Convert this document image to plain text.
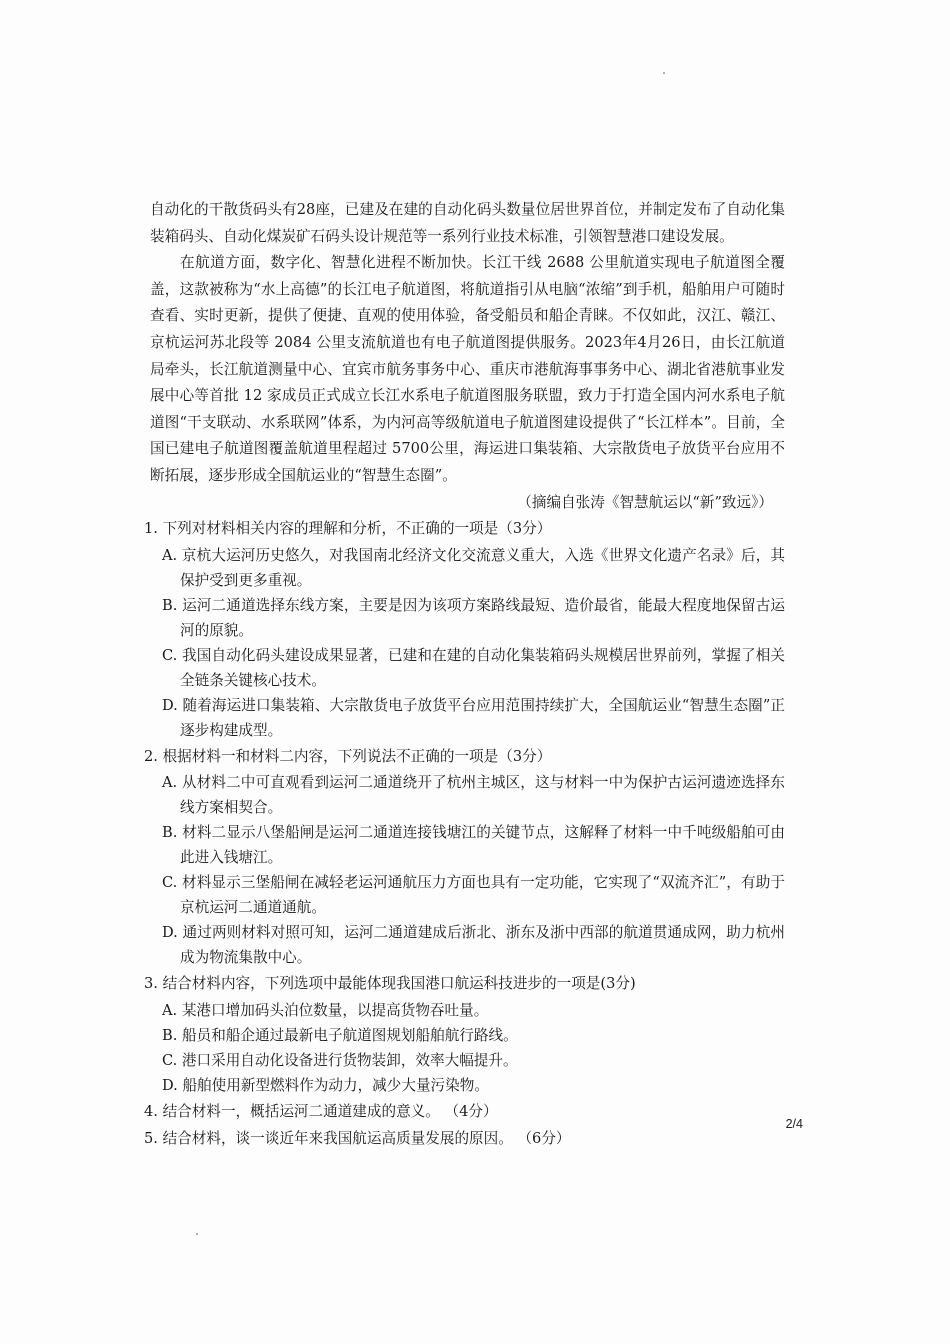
自动化的干散货码头有28座，已建及在建的自动化码头数量位居世界首位，并制定发布了自动化集装箱码头、自动化煤炭矿石码头设计规范等一系列行业技术标准，引领智慧港口建设发展。

在航道方面，数字化、智慧化进程不断加快。长江干线 2688 公里航道实现电子航道图全覆盖，这款被称为“水上高德”的长江电子航道图，将航道指引从电脑“浓缩”到手机，船舶用户可随时查看、实时更新，提供了便捷、直观的使用体验，备受船员和船企青睐。不仅如此，汉江、赣江、京杭运河苏北段等 2084 公里支流航道也有电子航道图提供服务。2023年4月26日，由长江航道局牵头，长江航道测量中心、宜宾市航务事务中心、重庆市港航海事事务中心、湖北省港航事业发展中心等首批 12 家成员正式成立长江水系电子航道图服务联盟，致力于打造全国内河水系电子航道图“干支联动、水系联网”体系，为内河高等级航道电子航道图建设提供了“长江样本”。目前，全国已建电子航道图覆盖航道里程超过 5700公里，海运进口集装箱、大宗散货电子放货平台应用不断拓展，逐步形成全国航运业的“智慧生态圈”。

（摘编自张涛《智慧航运以“新”致远》）

1. 下列对材料相关内容的理解和分析，不正确的一项是（3分）

A. 京杭大运河历史悠久，对我国南北经济文化交流意义重大，入选《世界文化遗产名录》后，其保护受到更多重视。

B. 运河二通道选择东线方案，主要是因为该项方案路线最短、造价最省，能最大程度地保留古运河的原貌。

C. 我国自动化码头建设成果显著，已建和在建的自动化集装箱码头规模居世界前列，掌握了相关全链条关键核心技术。

D. 随着海运进口集装箱、大宗散货电子放货平台应用范围持续扩大，全国航运业“智慧生态圈”正逐步构建成型。

2. 根据材料一和材料二内容，下列说法不正确的一项是（3分）

A. 从材料二中可直观看到运河二通道绕开了杭州主城区，这与材料一中为保护古运河遗迹选择东线方案相契合。

B. 材料二显示八堡船闸是运河二通道连接钱塘江的关键节点，这解释了材料一中千吨级船舶可由此进入钱塘江。

C. 材料显示三堡船闸在减轻老运河通航压力方面也具有一定功能，它实现了“双流齐汇”，有助于京杭运河二通道通航。

D. 通过两则材料对照可知，运河二通道建成后浙北、浙东及浙中西部的航道贯通成网，助力杭州成为物流集散中心。

3. 结合材料内容，下列选项中最能体现我国港口航运科技进步的一项是(3分)

A. 某港口增加码头泊位数量，以提高货物吞吐量。

B. 船员和船企通过最新电子航道图规划船舶航行路线。

C. 港口采用自动化设备进行货物装卸，效率大幅提升。

D. 船舶使用新型燃料作为动力，减少大量污染物。

4. 结合材料一，概括运河二通道建成的意义。 （4分）

5. 结合材料，谈一谈近年来我国航运高质量发展的原因。 （6分）

2/4
